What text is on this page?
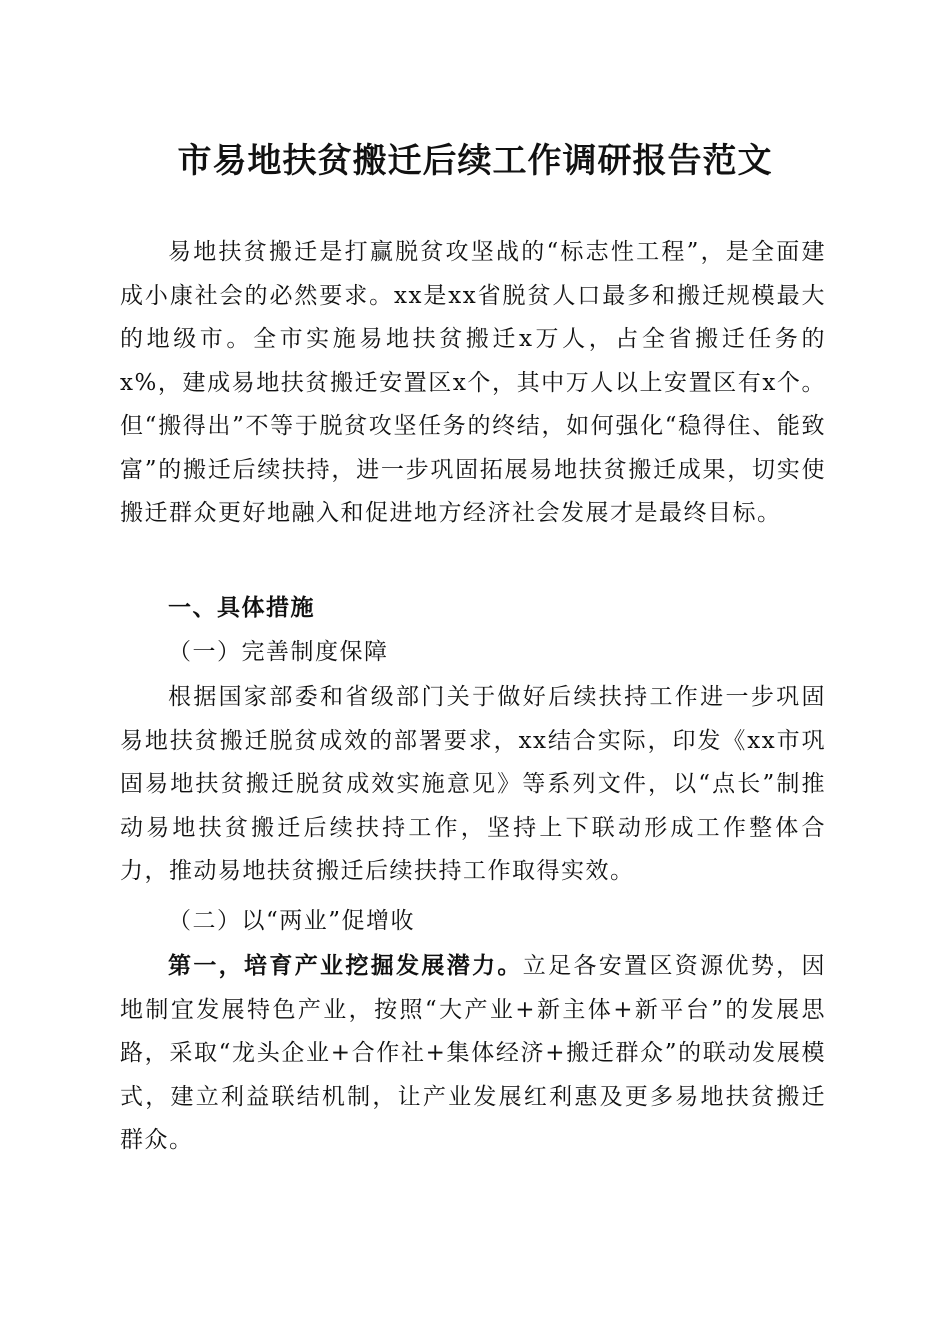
市易地扶贫搬迁后续工作调研报告范文

易地扶贫搬迁是打赢脱贫攻坚战的“标志性工程”，是全面建成小康社会的必然要求。xx是xx省脱贫人口最多和搬迁规模最大的地级市。全市实施易地扶贫搬迁x万人，占全省搬迁任务的x%，建成易地扶贫搬迁安置区x个，其中万人以上安置区有x个。但“搬得出”不等于脱贫攻坚任务的终结，如何强化“稳得住、能致富”的搬迁后续扶持，进一步巩固拓展易地扶贫搬迁成果，切实使搬迁群众更好地融入和促进地方经济社会发展才是最终目标。

一、具体措施

（一）完善制度保障

根据国家部委和省级部门关于做好后续扶持工作进一步巩固易地扶贫搬迁脱贫成效的部署要求，xx结合实际，印发《xx市巩固易地扶贫搬迁脱贫成效实施意见》等系列文件，以“点长”制推动易地扶贫搬迁后续扶持工作，坚持上下联动形成工作整体合力，推动易地扶贫搬迁后续扶持工作取得实效。

（二）以“两业”促增收

第一，培育产业挖掘发展潜力。立足各安置区资源优势，因地制宜发展特色产业，按照“大产业+新主体+新平台”的发展思路，采取“龙头企业+合作社+集体经济+搬迁群众”的联动发展模式，建立利益联结机制，让产业发展红利惠及更多易地扶贫搬迁群众。
